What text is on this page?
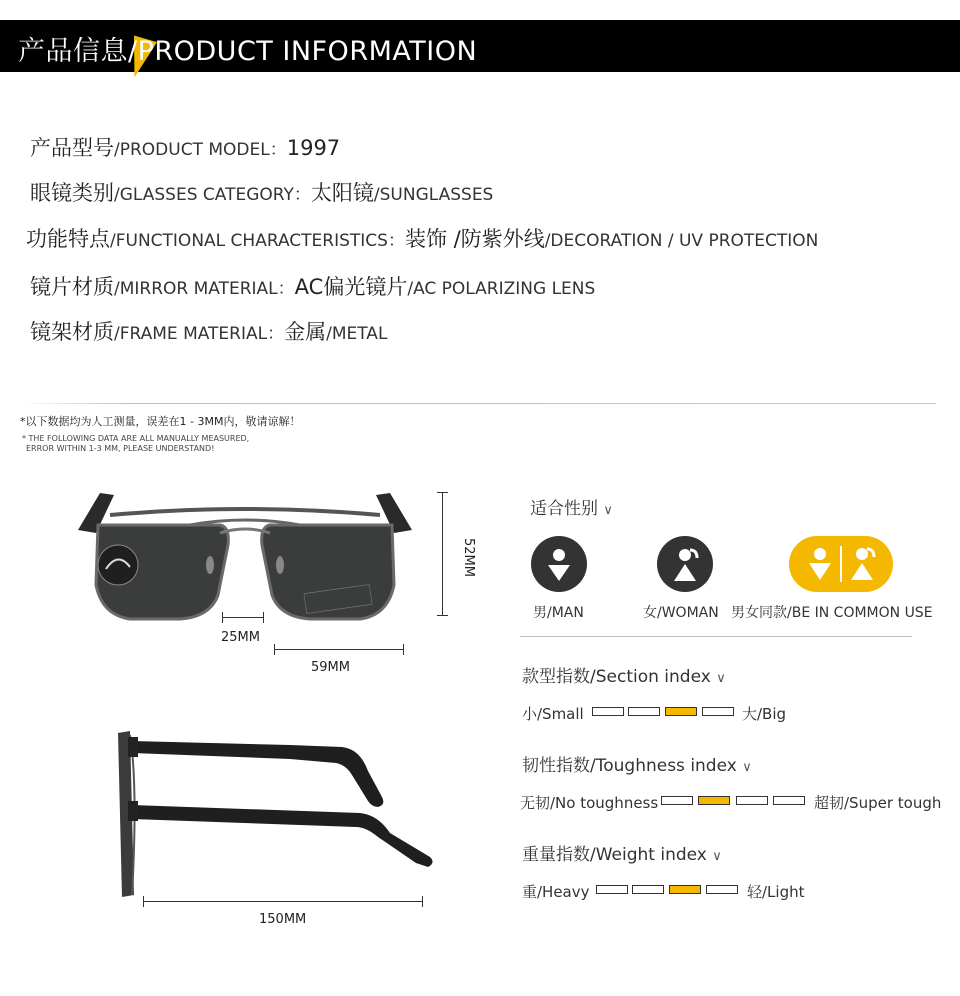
产品信息/PRODUCT INFORMATION
产品型号/PRODUCT MODEL：1997
眼镜类别/GLASSES CATEGORY：太阳镜/SUNGLASSES
功能特点/FUNCTIONAL CHARACTERISTICS：装饰 /防紫外线/DECORATION / UV PROTECTION
镜片材质/MIRROR MATERIAL：AC偏光镜片/AC POLARIZING LENS
镜架材质/FRAME MATERIAL：金属/METAL
*以下数据均为人工测量，误差在1 - 3MM内，敬请谅解！
* THE FOLLOWING DATA ARE ALL MANUALLY MEASURED,
ERROR WITHIN 1-3 MM, PLEASE UNDERSTAND!
52MM
25MM
59MM
150MM
适合性别 ∨
男/MAN	女/WOMAN 男女同款/BE IN COMMON USE
款型指数/Section index ∨
小/Small	大/Big
韧性指数/Toughness index ∨
无韧/No toughness	超韧/Super tough
重量指数/Weight index ∨
重/Heavy	轻/Light
